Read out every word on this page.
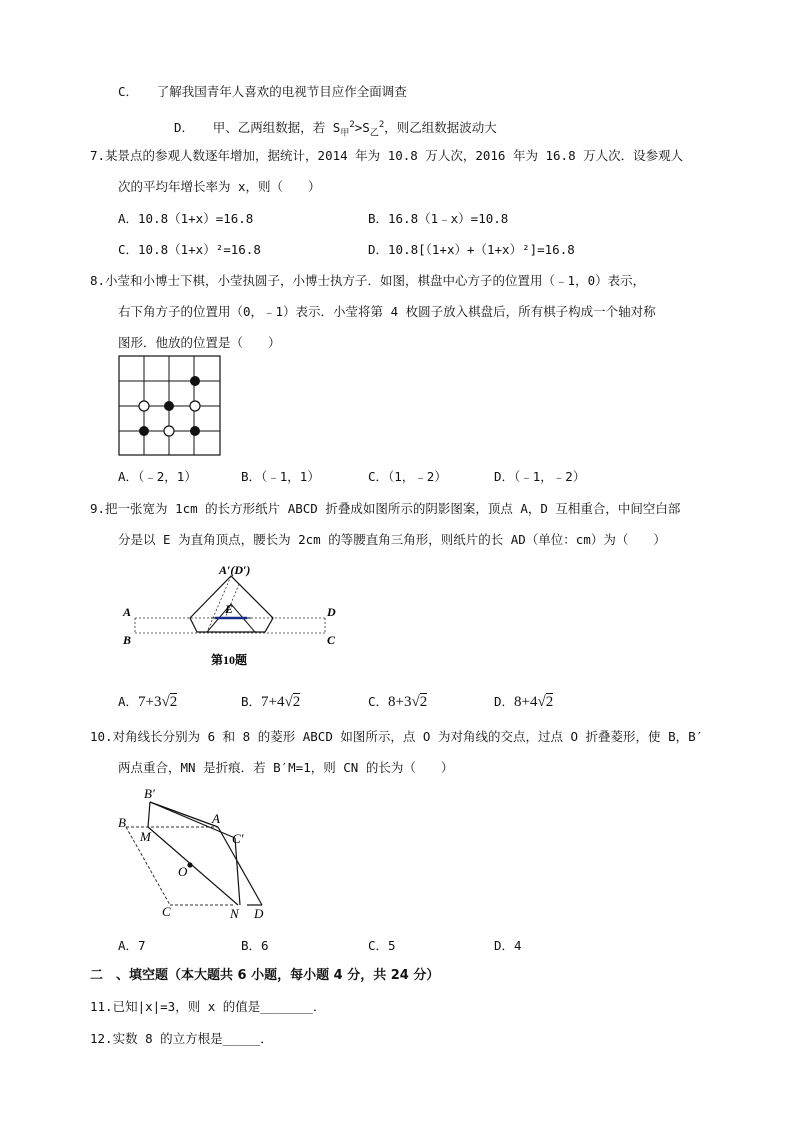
C．　　了解我国青年人喜欢的电视节目应作全面调查
D．　　甲、乙两组数据，若 $S_甲^2>S_乙^2$，则乙组数据波动大
7.某景点的参观人数逐年增加，据统计，2014 年为 10.8 万人次，2016 年为 16.8 万人次．设参观人
次的平均年增长率为 x，则（　　）
A．10.8（1+x）=16.8	B．16.8（1﹣x）=10.8
C．10.8（1+x）²=16.8	D．10.8[（1+x）+（1+x）²]=16.8
8.小莹和小博士下棋，小莹执圆子，小博士执方子．如图，棋盘中心方子的位置用（﹣1，0）表示，
右下角方子的位置用（0，﹣1）表示．小莹将第 4 枚圆子放入棋盘后，所有棋子构成一个轴对称
图形．他放的位置是（　　）
A．（﹣2，1）	B．（﹣1，1）	C．（1，﹣2）	D．（﹣1，﹣2）
9.把一张宽为 1cm 的长方形纸片 ABCD 折叠成如图所示的阴影图案，顶点 A，D 互相重合，中间空白部
分是以 E 为直角顶点，腰长为 2cm 的等腰直角三角形，则纸片的长 AD（单位：cm）为（　　）
A′(D′)
E
A
B	C
D
第10题
A．7+3√2	B．7+4√2	C．8+3√2	D．8+4√2
10.对角线长分别为 6 和 8 的菱形 ABCD 如图所示，点 O 为对角线的交点，过点 O 折叠菱形，使 B，B′
两点重合，MN 是折痕．若 B′M=1，则 CN 的长为（　　）
B′
B
M
A
C′
O
C	N D
A．7	B．6	C．5	D．4
二　、填空题（本大题共 6 小题，每小题 4 分，共 24 分）
11.已知|x|=3，则 x 的值是_______．
12.实数 8 的立方根是_____．
